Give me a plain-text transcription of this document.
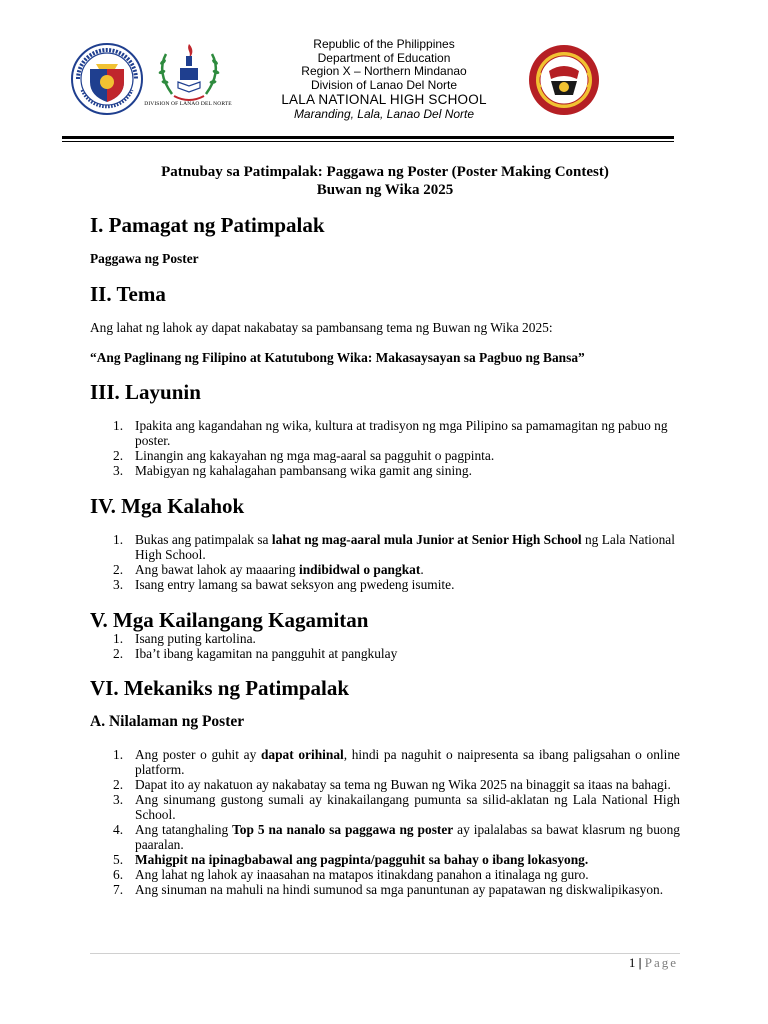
DIVISION OF LANAO DEL NORTE
Republic of the Philippines
Department of Education
Region X – Northern Mindanao
Division of Lanao Del Norte
LALA NATIONAL HIGH SCHOOL
Maranding, Lala, Lanao Del Norte
Patnubay sa Patimpalak: Paggawa ng Poster (Poster Making Contest)
Buwan ng Wika 2025
I. Pamagat ng Patimpalak
Paggawa ng Poster
II. Tema
Ang lahat ng lahok ay dapat nakabatay sa pambansang tema ng Buwan ng Wika 2025:
“Ang Paglinang ng Filipino at Katutubong Wika: Makasaysayan sa Pagbuo ng Bansa”
III. Layunin
1. Ipakita ang kagandahan ng wika, kultura at tradisyon ng mga Pilipino sa pamamagitan ng pabuo ng poster.
2. Linangin ang kakayahan ng mga mag-aaral sa pagguhit o pagpinta.
3. Mabigyan ng kahalagahan pambansang wika gamit ang sining.
IV. Mga Kalahok
1. Bukas ang patimpalak sa lahat ng mag-aaral mula Junior at Senior High School ng Lala National High School.
2. Ang bawat lahok ay maaaring indibidwal o pangkat.
3. Isang entry lamang sa bawat seksyon ang pwedeng isumite.
V. Mga Kailangang Kagamitan
1. Isang puting kartolina.
2. Iba’t ibang kagamitan na pangguhit at pangkulay
VI. Mekaniks ng Patimpalak
A. Nilalaman ng Poster
1. Ang poster o guhit ay dapat orihinal, hindi pa naguhit o naipresenta sa ibang paligsahan o online platform.
2. Dapat ito ay nakatuon ay nakabatay sa tema ng Buwan ng Wika 2025 na binaggit sa itaas na bahagi.
3. Ang sinumang gustong sumali ay kinakailangang pumunta sa silid-aklatan ng Lala National High School.
4. Ang tatanghaling Top 5 na nanalo sa paggawa ng poster ay ipalalabas sa bawat klasrum ng buong paaralan.
5. Mahigpit na ipinagbabawal ang pagpinta/pagguhit sa bahay o ibang lokasyong.
6. Ang lahat ng lahok ay inaasahan na matapos itinakdang panahon a itinalaga ng guro.
7. Ang sinuman na mahuli na hindi sumunod sa mga panuntunan ay papatawan ng diskwalipikasyon.
1 | Page
